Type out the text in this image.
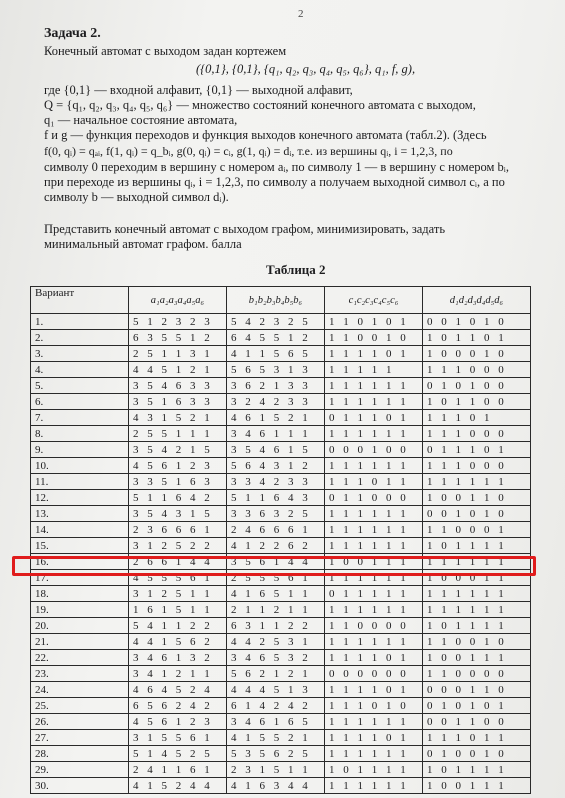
2
Задача 2.
Конечный автомат с выходом задан кортежем
({0,1}, {0,1}, {q₁, q₂, q₃, q₄, q₅, q₆}, q₁, f, g),
где {0,1} — входной алфавит, {0,1} — выходной алфавит,
Q = {q₁, q₂, q₃, q₄, q₅, q₆} — множество состояний конечного автомата с выходом,
q₁ — начальное состояние автомата,
f и g — функция переходов и функция выходов конечного автомата (табл.2). (Здесь
f(0, qᵢ) = qₐᵢ, f(1, qᵢ) = q_bᵢ, g(0, qᵢ) = cᵢ, g(1, qᵢ) = dᵢ, т.е. из вершины qᵢ, i = 1,2,3, по
символу 0 переходим в вершину с номером aᵢ, по символу 1 — в вершину с номером bᵢ,
при переходе из вершины qᵢ, i = 1,2,3, по символу a получаем выходной символ cᵢ, а по
символу b — выходной символ dᵢ).
Представить конечный автомат с выходом графом, минимизировать, задать
минимальный автомат графом. балла
Таблица 2
Вариант	a₁a₂a₃a₄a₅a₆	b₁b₂b₃b₄b₅b₆	c₁c₂c₃c₄c₅c₆	d₁d₂d₃d₄d₅d₆
1.	5 1 2 3 2 3	5 4 2 3 2 5	1 1 0 1 0 1	0 0 1 0 1 0
2.	6 3 5 5 1 2	6 4 5 5 1 2	1 1 0 0 1 0	1 0 1 1 0 1
3.	2 5 1 1 3 1	4 1 1 5 6 5	1 1 1 1 0 1	1 0 0 0 1 0
4.	4 4 5 1 2 1	5 6 5 3 1 3	1 1 1 1 1	1 1 1 0 0 0
5.	3 5 4 6 3 3	3 6 2 1 3 3	1 1 1 1 1 1	0 1 0 1 0 0
6.	3 5 1 6 3 3	3 2 4 2 3 3	1 1 1 1 1 1	1 0 1 1 0 0
7.	4 3 1 5 2 1	4 6 1 5 2 1	0 1 1 1 0 1	1 1 1 0 1
8.	2 5 5 1 1 1	3 4 6 1 1 1	1 1 1 1 1 1	1 1 1 0 0 0
9.	3 5 4 2 1 5	3 5 4 6 1 5	0 0 0 1 0 0	0 1 1 1 0 1
10.	4 5 6 1 2 3	5 6 4 3 1 2	1 1 1 1 1 1	1 1 1 0 0 0
11.	3 3 5 1 6 3	3 3 4 2 3 3	1 1 1 0 1 1	1 1 1 1 1 1
12.	5 1 1 6 4 2	5 1 1 6 4 3	0 1 1 0 0 0	1 0 0 1 1 0
13.	3 5 4 3 1 5	3 3 6 3 2 5	1 1 1 1 1 1	0 0 1 0 1 0
14.	2 3 6 6 6 1	2 4 6 6 6 1	1 1 1 1 1 1	1 1 0 0 0 1
15.	3 1 2 5 2 2	4 1 2 2 6 2	1 1 1 1 1 1	1 0 1 1 1 1
16.	2 6 6 1 4 4	3 5 6 1 4 4	1 0 0 1 1 1	1 1 1 1 1 1
17.	4 5 5 5 6 1	2 5 5 5 6 1	1 1 1 1 1 1	1 0 0 0 1 1
18.	3 1 2 5 1 1	4 1 6 5 1 1	0 1 1 1 1 1	1 1 1 1 1 1
19.	1 6 1 5 1 1	2 1 1 2 1 1	1 1 1 1 1 1	1 1 1 1 1 1
20.	5 4 1 1 2 2	6 3 1 1 2 2	1 1 0 0 0 0	1 0 1 1 1 1
21.	4 4 1 5 6 2	4 4 2 5 3 1	1 1 1 1 1 1	1 1 0 0 1 0
22.	3 4 6 1 3 2	3 4 6 5 3 2	1 1 1 1 0 1	1 0 0 1 1 1
23.	3 4 1 2 1 1	5 6 2 1 2 1	0 0 0 0 0 0	1 1 0 0 0 0
24.	4 6 4 5 2 4	4 4 4 5 1 3	1 1 1 1 0 1	0 0 0 1 1 0
25.	6 5 6 2 4 2	6 1 4 2 4 2	1 1 1 0 1 0	0 1 0 1 0 1
26.	4 5 6 1 2 3	3 4 6 1 6 5	1 1 1 1 1 1	0 0 1 1 0 0
27.	3 1 5 5 6 1	4 1 5 5 2 1	1 1 1 1 0 1	1 1 1 0 1 1
28.	5 1 4 5 2 5	5 3 5 6 2 5	1 1 1 1 1 1	0 1 0 0 1 0
29.	2 4 1 1 6 1	2 3 1 5 1 1	1 0 1 1 1 1	1 0 1 1 1 1
30.	4 1 5 2 4 4	4 1 6 3 4 4	1 1 1 1 1 1	1 0 0 1 1 1
